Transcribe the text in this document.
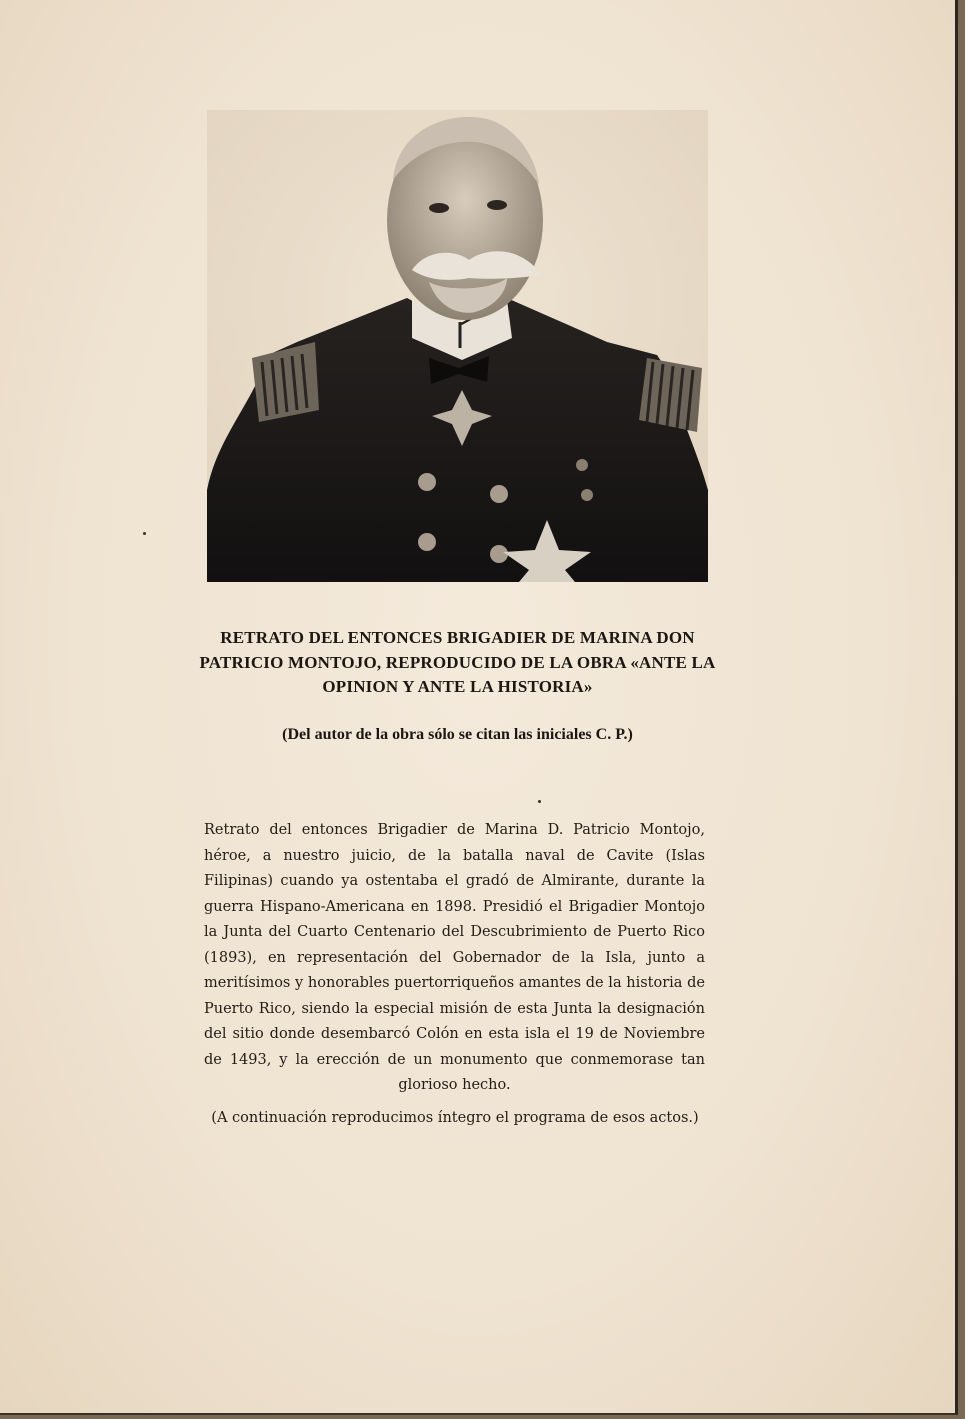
RETRATO DEL ENTONCES BRIGADIER DE MARINA DON PATRICIO MONTOJO, REPRODUCIDO DE LA OBRA «ANTE LA OPINION Y ANTE LA HISTORIA»
(Del autor de la obra sólo se citan las iniciales C. P.)
Retrato del entonces Brigadier de Marina D. Patricio Montojo, héroe, a nuestro juicio, de la batalla naval de Cavite (Islas Filipinas) cuando ya ostentaba el gradó de Almirante, durante la guerra Hispano-Americana en 1898. Presidió el Brigadier Montojo la Junta del Cuarto Centenario del Descubrimiento de Puerto Rico (1893), en representación del Gobernador de la Isla, junto a meritísimos y honorables puertorriqueños amantes de la historia de Puerto Rico, siendo la especial misión de esta Junta la designación del sitio donde desembarcó Colón en esta isla el 19 de Noviembre de 1493, y la erección de un monumento que conmemorase tan glorioso hecho.
(A continuación reproducimos íntegro el programa de esos actos.)
